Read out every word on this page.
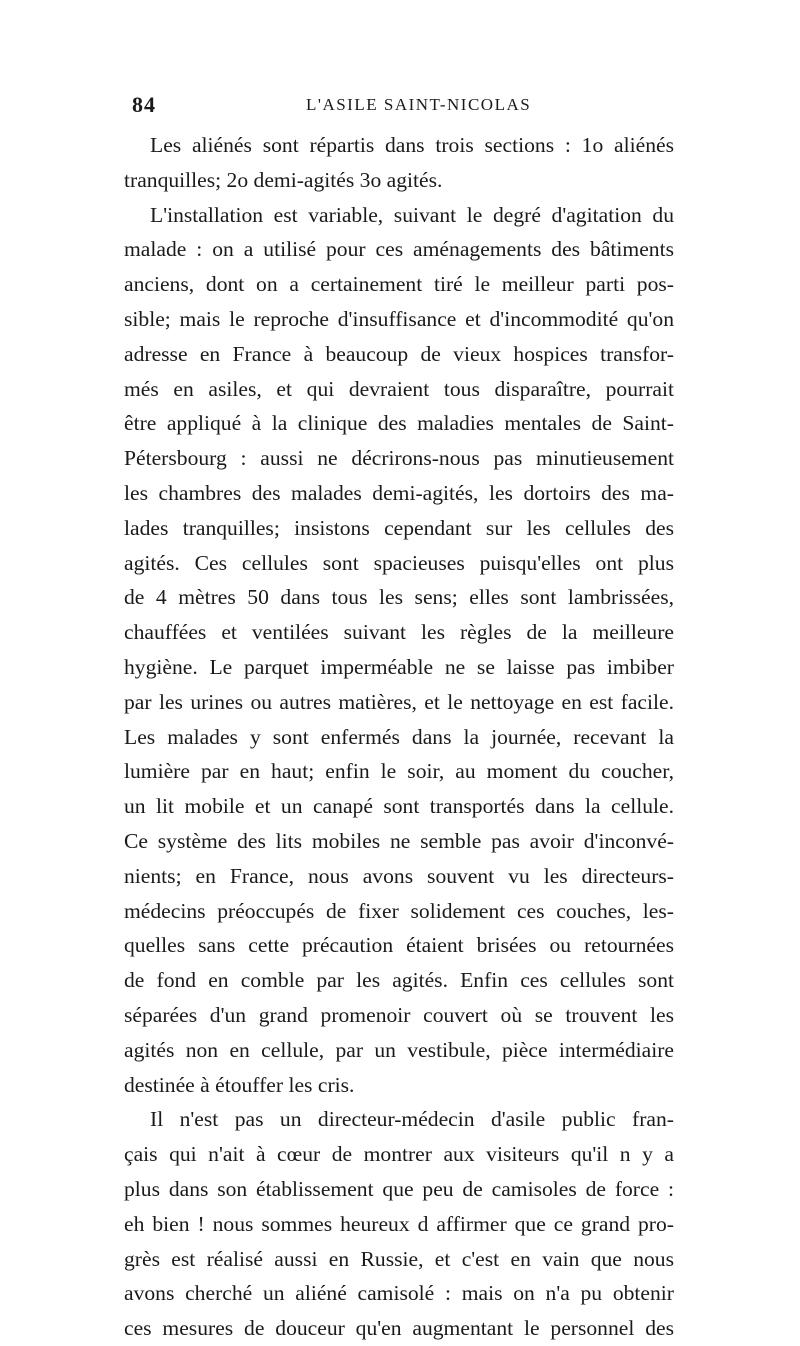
84	L'ASILE SAINT-NICOLAS
Les aliénés sont répartis dans trois sections : 1o aliénés
tranquilles; 2o demi-agités 3o agités.
L'installation est variable, suivant le degré d'agitation du
malade : on a utilisé pour ces aménagements des bâtiments
anciens, dont on a certainement tiré le meilleur parti pos-
sible; mais le reproche d'insuffisance et d'incommodité qu'on
adresse en France à beaucoup de vieux hospices transfor-
més en asiles, et qui devraient tous disparaître, pourrait
être appliqué à la clinique des maladies mentales de Saint-
Pétersbourg : aussi ne décrirons-nous pas minutieusement
les chambres des malades demi-agités, les dortoirs des ma-
lades tranquilles; insistons cependant sur les cellules des
agités. Ces cellules sont spacieuses puisqu'elles ont plus
de 4 mètres 50 dans tous les sens; elles sont lambrissées,
chauffées et ventilées suivant les règles de la meilleure
hygiène. Le parquet imperméable ne se laisse pas imbiber
par les urines ou autres matières, et le nettoyage en est facile.
Les malades y sont enfermés dans la journée, recevant la
lumière par en haut; enfin le soir, au moment du coucher,
un lit mobile et un canapé sont transportés dans la cellule.
Ce système des lits mobiles ne semble pas avoir d'inconvé-
nients; en France, nous avons souvent vu les directeurs-
médecins préoccupés de fixer solidement ces couches, les-
quelles sans cette précaution étaient brisées ou retournées
de fond en comble par les agités. Enfin ces cellules sont
séparées d'un grand promenoir couvert où se trouvent les
agités non en cellule, par un vestibule, pièce intermédiaire
destinée à étouffer les cris.
Il n'est pas un directeur-médecin d'asile public fran-
çais qui n'ait à cœur de montrer aux visiteurs qu'il n y a
plus dans son établissement que peu de camisoles de force :
eh bien ! nous sommes heureux d affirmer que ce grand pro-
grès est réalisé aussi en Russie, et c'est en vain que nous
avons cherché un aliéné camisolé : mais on n'a pu obtenir
ces mesures de douceur qu'en augmentant le personnel des
